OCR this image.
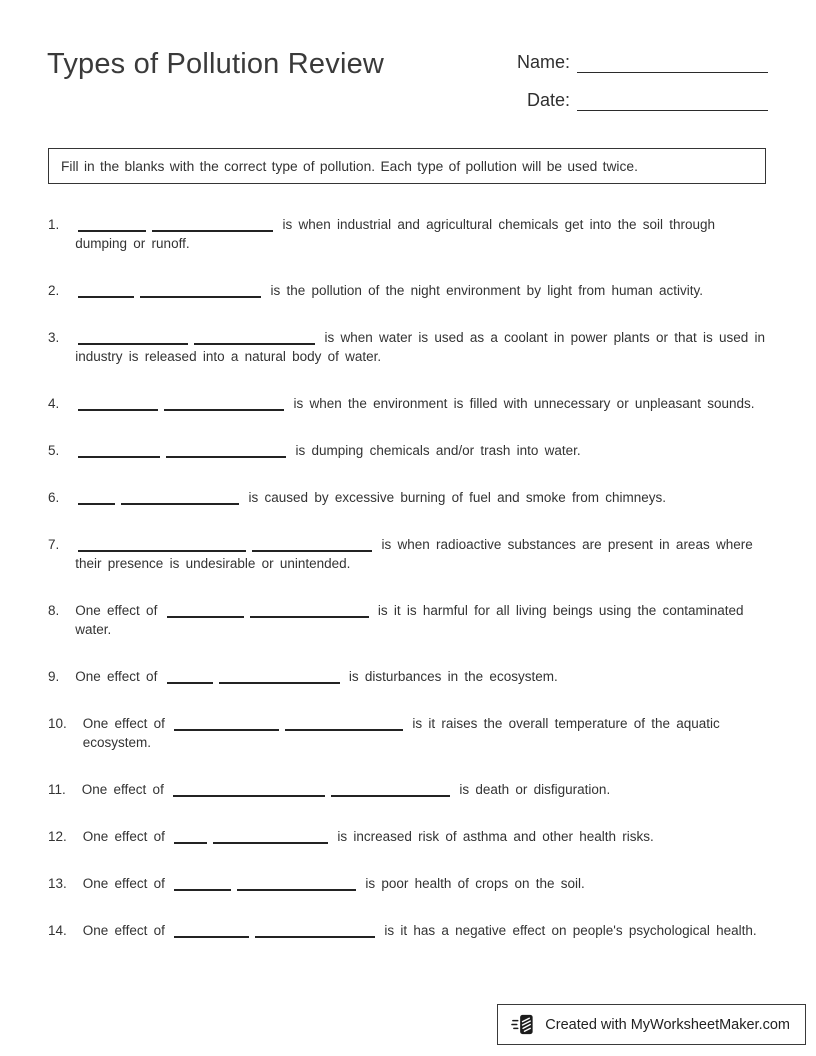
Types of Pollution Review	Name:
Date:
Fill in the blanks with the correct type of pollution. Each type of pollution will be used twice.
1.	is when industrial and agricultural chemicals get into the soil through dumping or runoff.
2.	is the pollution of the night environment by light from human activity.
3.	is when water is used as a coolant in power plants or that is used in industry is released into a natural body of water.
4.	is when the environment is filled with unnecessary or unpleasant sounds.
5.	is dumping chemicals and/or trash into water.
6.	is caused by excessive burning of fuel and smoke from chimneys.
7.	is when radioactive substances are present in areas where their presence is undesirable or unintended.
8. One effect of	is it is harmful for all living beings using the contaminated water.
9. One effect of	is disturbances in the ecosystem.
10. One effect of	is it raises the overall temperature of the aquatic ecosystem.
11. One effect of	is death or disfiguration.
12. One effect of	is increased risk of asthma and other health risks.
13. One effect of	is poor health of crops on the soil.
14. One effect of	is it has a negative effect on people's psychological health.
Created with MyWorksheetMaker.com
